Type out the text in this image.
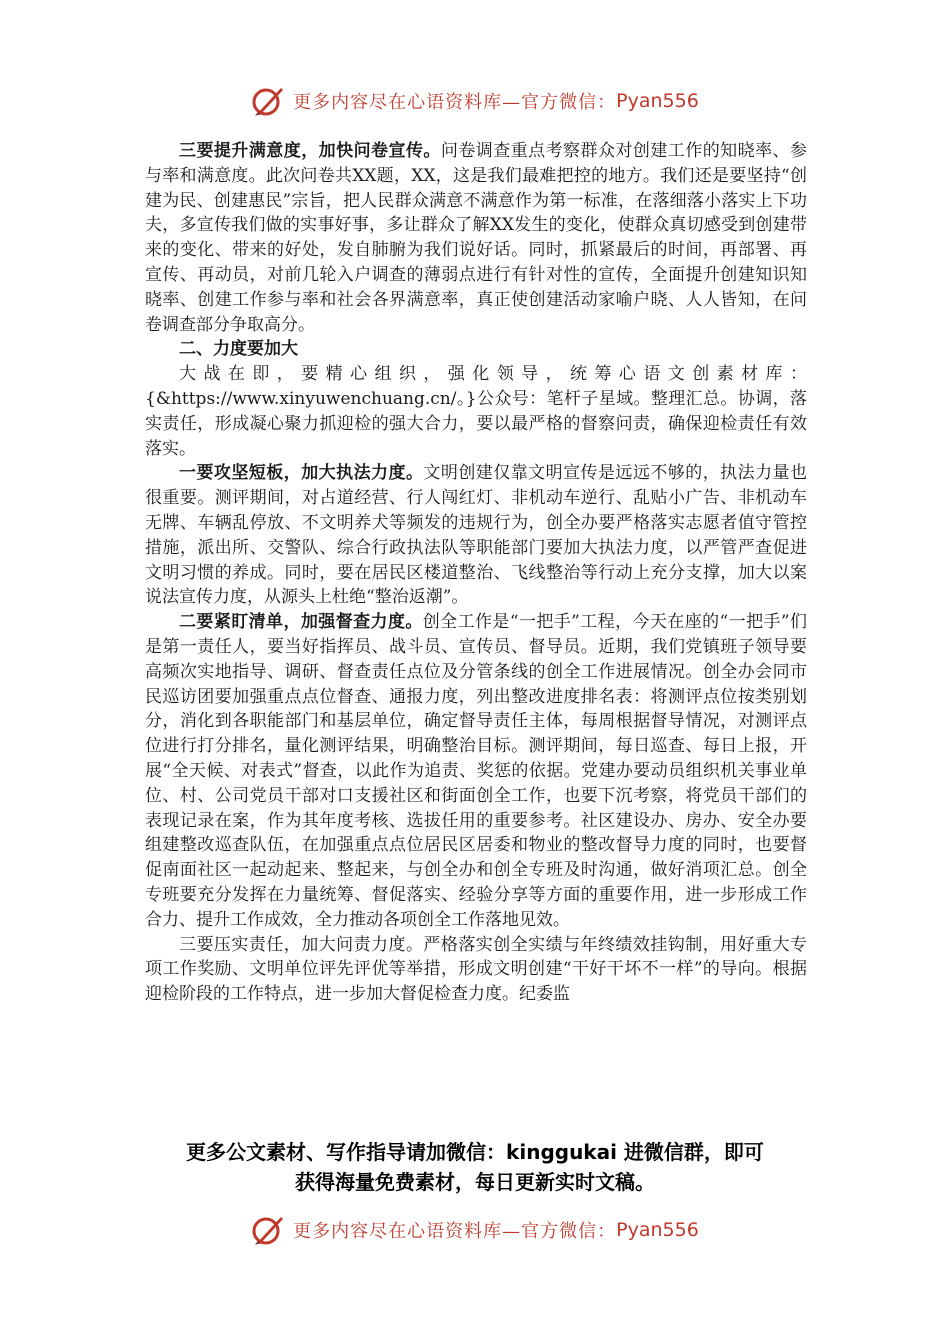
更多内容尽在心语资料库—官方微信： Pyan556

三要提升满意度，加快问卷宣传。问卷调查重点考察群众对创建工作的知晓率、参与率和满意度。此次问卷共XX题，XX，这是我们最难把控的地方。我们还是要坚持“创建为民、创建惠民”宗旨，把人民群众满意不满意作为第一标准，在落细落小落实上下功夫，多宣传我们做的实事好事，多让群众了解XX发生的变化，使群众真切感受到创建带来的变化、带来的好处，发自肺腑为我们说好话。同时，抓紧最后的时间，再部署、再宣传、再动员，对前几轮入户调查的薄弱点进行有针对性的宣传，全面提升创建知识知晓率、创建工作参与率和社会各界满意率，真正使创建活动家喻户晓、人人皆知，在问卷调查部分争取高分。

二、力度要加大

大战在即，要精心组织，强化领导，统筹心语文创素材库：{&https://www.xinyuwenchuang.cn/。}公众号：笔杆子星域。整理汇总。协调，落实责任，形成凝心聚力抓迎检的强大合力，要以最严格的督察问责，确保迎检责任有效落实。

一要攻坚短板，加大执法力度。文明创建仅靠文明宣传是远远不够的，执法力量也很重要。测评期间，对占道经营、行人闯红灯、非机动车逆行、乱贴小广告、非机动车无牌、车辆乱停放、不文明养犬等频发的违规行为，创全办要严格落实志愿者值守管控措施，派出所、交警队、综合行政执法队等职能部门要加大执法力度，以严管严查促进文明习惯的养成。同时，要在居民区楼道整治、飞线整治等行动上充分支撑，加大以案说法宣传力度，从源头上杜绝“整治返潮”。

二要紧盯清单，加强督查力度。创全工作是“一把手”工程，今天在座的“一把手”们是第一责任人，要当好指挥员、战斗员、宣传员、督导员。近期，我们党镇班子领导要高频次实地指导、调研、督查责任点位及分管条线的创全工作进展情况。创全办会同市民巡访团要加强重点点位督查、通报力度，列出整改进度排名表：将测评点位按类别划分，消化到各职能部门和基层单位，确定督导责任主体，每周根据督导情况，对测评点位进行打分排名，量化测评结果，明确整治目标。测评期间，每日巡查、每日上报，开展“全天候、对表式”督查，以此作为追责、奖惩的依据。党建办要动员组织机关事业单位、村、公司党员干部对口支援社区和街面创全工作，也要下沉考察，将党员干部们的表现记录在案，作为其年度考核、选拔任用的重要参考。社区建设办、房办、安全办要组建整改巡查队伍，在加强重点点位居民区居委和物业的整改督导力度的同时，也要督促南面社区一起动起来、整起来，与创全办和创全专班及时沟通，做好消项汇总。创全专班要充分发挥在力量统筹、督促落实、经验分享等方面的重要作用，进一步形成工作合力、提升工作成效，全力推动各项创全工作落地见效。

三要压实责任，加大问责力度。严格落实创全实绩与年终绩效挂钩制，用好重大专项工作奖励、文明单位评先评优等举措，形成文明创建“干好干坏不一样”的导向。根据迎检阶段的工作特点，进一步加大督促检查力度。纪委监

更多公文素材、写作指导请加微信：kinggukai 进微信群，即可
获得海量免费素材，每日更新实时文稿。
更多内容尽在心语资料库—官方微信： Pyan556
